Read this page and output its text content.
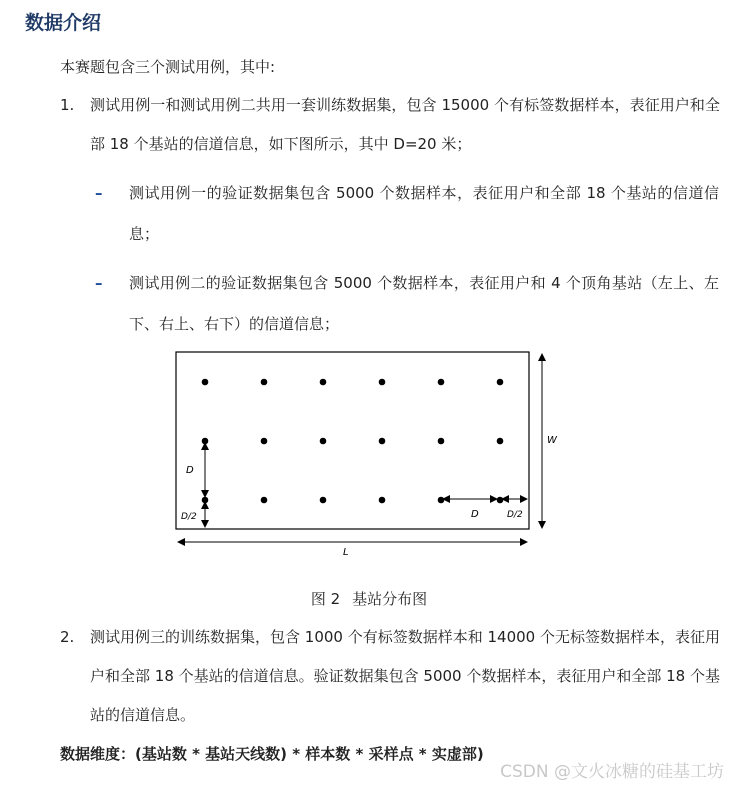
数据介绍
本赛题包含三个测试用例，其中:
1. 测试用例一和测试用例二共用一套训练数据集，包含 15000 个有标签数据样本，表征用户和全部 18 个基站的信道信息，如下图所示，其中 D=20 米；
– 测试用例一的验证数据集包含 5000 个数据样本，表征用户和全部 18 个基站的信道信息；
– 测试用例二的验证数据集包含 5000 个数据样本，表征用户和 4 个顶角基站（左上、左下、右上、右下）的信道信息；
W
L
D
D/2	D	D/2
图 2 基站分布图
2. 测试用例三的训练数据集，包含 1000 个有标签数据样本和 14000 个无标签数据样本，表征用户和全部 18 个基站的信道信息。验证数据集包含 5000 个数据样本，表征用户和全部 18 个基站的信道信息。
数据维度：(基站数 * 基站天线数) * 样本数 * 采样点 * 实虚部)
CSDN @文火冰糖的硅基工坊
